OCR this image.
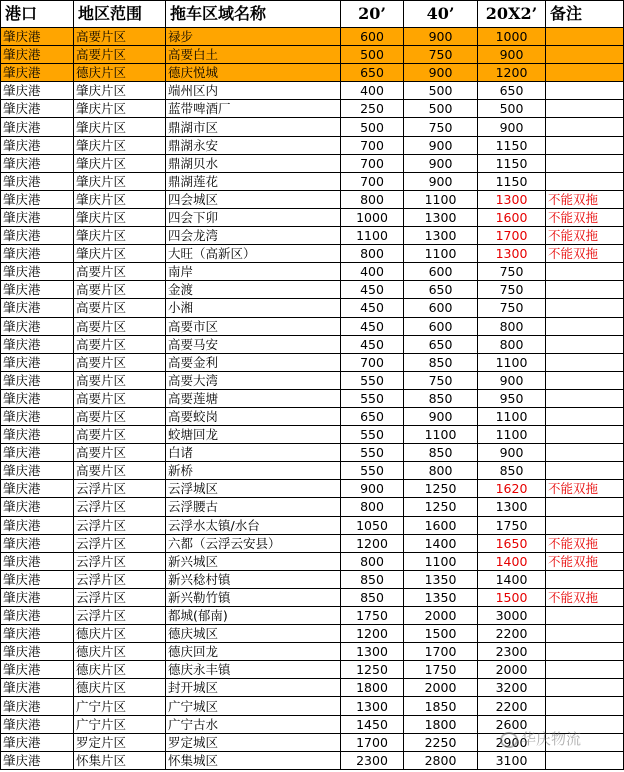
港口	地区范围	拖车区域名称	20’	40’	20X2’	备注
肇庆港	高要片区	禄步	600	900	1000	
肇庆港	高要片区	高要白土	500	750	900	
肇庆港	德庆片区	德庆悦城	650	900	1200	
肇庆港	肇庆片区	端州区内	400	500	650	
肇庆港	肇庆片区	蓝带啤酒厂	250	500	500	
肇庆港	肇庆片区	鼎湖市区	500	750	900	
肇庆港	肇庆片区	鼎湖永安	700	900	1150	
肇庆港	肇庆片区	鼎湖贝水	700	900	1150	
肇庆港	肇庆片区	鼎湖莲花	700	900	1150	
肇庆港	肇庆片区	四会城区	800	1100	1300	不能双拖
肇庆港	肇庆片区	四会下卯	1000	1300	1600	不能双拖
肇庆港	肇庆片区	四会龙湾	1100	1300	1700	不能双拖
肇庆港	肇庆片区	大旺（高新区）	800	1100	1300	不能双拖
肇庆港	高要片区	南岸	400	600	750	
肇庆港	高要片区	金渡	450	650	750	
肇庆港	高要片区	小湘	450	600	750	
肇庆港	高要片区	高要市区	450	600	800	
肇庆港	高要片区	高要马安	450	650	800	
肇庆港	高要片区	高要金利	700	850	1100	
肇庆港	高要片区	高要大湾	550	750	900	
肇庆港	高要片区	高要莲塘	550	850	950	
肇庆港	高要片区	高要蛟岗	650	900	1100	
肇庆港	高要片区	蛟塘回龙	550	1100	1100	
肇庆港	高要片区	白诸	550	850	900	
肇庆港	高要片区	新桥	550	800	850	
肇庆港	云浮片区	云浮城区	900	1250	1620	不能双拖
肇庆港	云浮片区	云浮腰古	800	1250	1300	
肇庆港	云浮片区	云浮水太镇/水台	1050	1600	1750	
肇庆港	云浮片区	六都（云浮云安县）	1200	1400	1650	不能双拖
肇庆港	云浮片区	新兴城区	800	1100	1400	不能双拖
肇庆港	云浮片区	新兴稔村镇	850	1350	1400	
肇庆港	云浮片区	新兴勒竹镇	850	1350	1500	不能双拖
肇庆港	云浮片区	都城(郁南)	1750	2000	3000	
肇庆港	德庆片区	德庆城区	1200	1500	2200	
肇庆港	德庆片区	德庆回龙	1300	1700	2300	
肇庆港	德庆片区	德庆永丰镇	1250	1750	2000	
肇庆港	德庆片区	封开城区	1800	2000	3200	
肇庆港	广宁片区	广宁城区	1300	1850	2200	
肇庆港	广宁片区	广宁古水	1450	1800	2600	
肇庆港	罗定片区	罗定城区	1700	2250	2900	
肇庆港	怀集片区	怀集城区	2300	2800	3100	
华庆物流
